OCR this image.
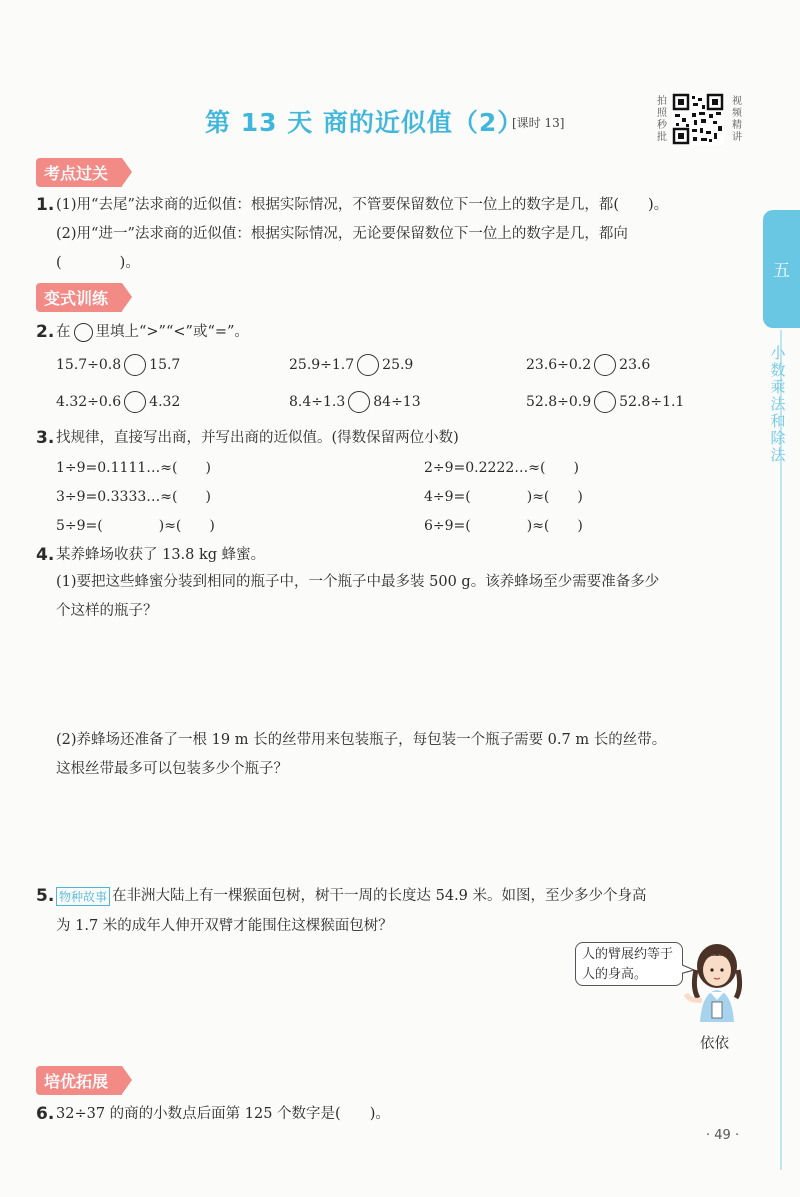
第 13 天 商的近似值（2）
[课时 13]
拍照秒批
视频精讲
五
小数乘法和除法
考点过关
1. (1)用“去尾”法求商的近似值：根据实际情况，不管要保留数位下一位上的数字是几，都(　　)。
(2)用“进一”法求商的近似值：根据实际情况，无论要保留数位下一位上的数字是几，都向
(　　　　)。
变式训练
2. 在 里填上“>”“<”或“=”。
15.7÷0.8 15.7	25.9÷1.7 25.9	23.6÷0.2 23.6
4.32÷0.6 4.32	8.4÷1.3 84÷13	52.8÷0.9 52.8÷1.1
3. 找规律，直接写出商，并写出商的近似值。(得数保留两位小数)
1÷9=0.1111…≈(　　)	2÷9=0.2222…≈(　　)
3÷9=0.3333…≈(　　)	4÷9=(　　　　)≈(　　)
5÷9=(　　　　)≈(　　)	6÷9=(　　　　)≈(　　)
4. 某养蜂场收获了 13.8 kg 蜂蜜。
(1)要把这些蜂蜜分装到相同的瓶子中，一个瓶子中最多装 500 g。该养蜂场至少需要准备多少
个这样的瓶子？
(2)养蜂场还准备了一根 19 m 长的丝带用来包装瓶子，每包装一个瓶子需要 0.7 m 长的丝带。
这根丝带最多可以包装多少个瓶子？
5. 物种故事 在非洲大陆上有一棵猴面包树，树干一周的长度达 54.9 米。如图，至少多少个身高
为 1.7 米的成年人伸开双臂才能围住这棵猴面包树？
人的臂展约等于人的身高。
依依
培优拓展
6. 32÷37 的商的小数点后面第 125 个数字是(　　)。
· 49 ·
